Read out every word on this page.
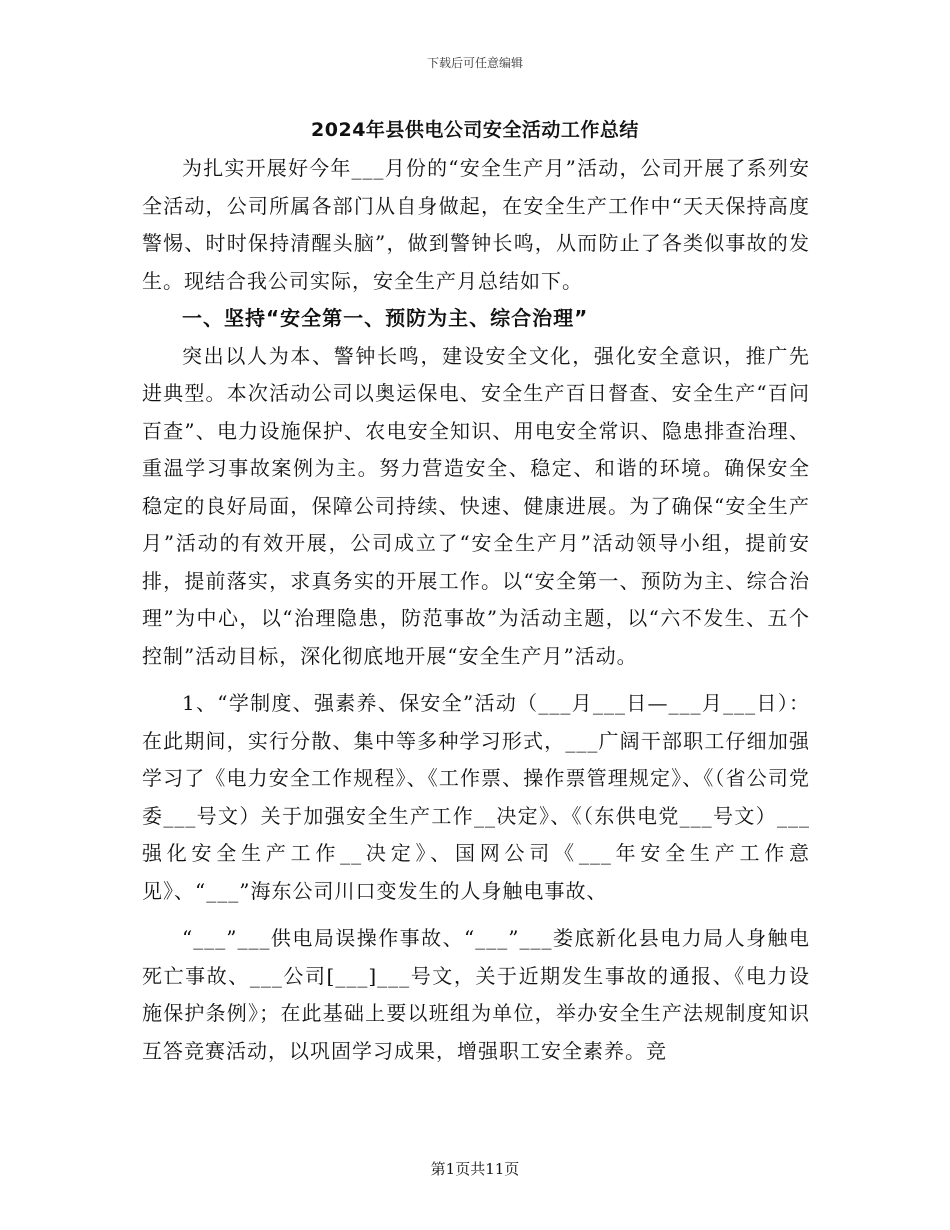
下载后可任意编辑
2024年县供电公司安全活动工作总结

为扎实开展好今年___月份的“安全生产月”活动，公司开展了系列安全活动，公司所属各部门从自身做起，在安全生产工作中“天天保持高度警惕、时时保持清醒头脑”，做到警钟长鸣，从而防止了各类似事故的发生。现结合我公司实际，安全生产月总结如下。

一、坚持“安全第一、预防为主、综合治理”

突出以人为本、警钟长鸣，建设安全文化，强化安全意识，推广先进典型。本次活动公司以奥运保电、安全生产百日督查、安全生产“百问百查”、电力设施保护、农电安全知识、用电安全常识、隐患排查治理、重温学习事故案例为主。努力营造安全、稳定、和谐的环境。确保安全稳定的良好局面，保障公司持续、快速、健康进展。为了确保“安全生产月”活动的有效开展，公司成立了“安全生产月”活动领导小组，提前安排，提前落实，求真务实的开展工作。以“安全第一、预防为主、综合治理”为中心，以“治理隐患，防范事故”为活动主题，以“六不发生、五个控制”活动目标，深化彻底地开展“安全生产月”活动。

1、“学制度、强素养、保安全”活动（___月___日—___月___日）：在此期间，实行分散、集中等多种学习形式，___广阔干部职工仔细加强学习了《电力安全工作规程》、《工作票、操作票管理规定》、《（省公司党委___号文）关于加强安全生产工作__决定》、《（东供电党___号文）___强化安全生产工作__决定》、国网公司《___年安全生产工作意见》、“___”海东公司川口变发生的人身触电事故、

“___”___供电局误操作事故、“___”___娄底新化县电力局人身触电死亡事故、___公司[___]___号文，关于近期发生事故的通报、《电力设施保护条例》；在此基础上要以班组为单位，举办安全生产法规制度知识互答竞赛活动，以巩固学习成果，增强职工安全素养。竞

第1页共11页
